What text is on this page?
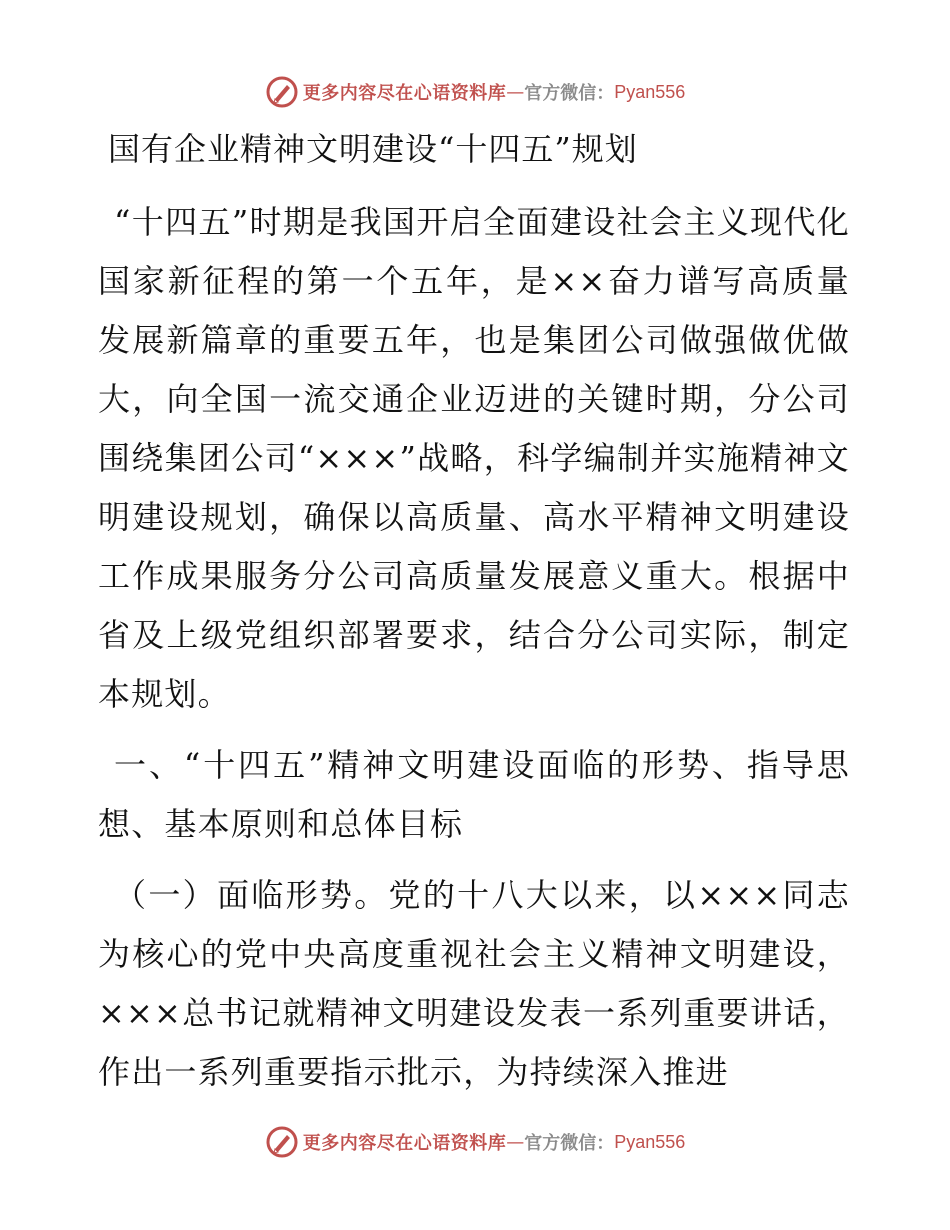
更多内容尽在心语资料库 — 官方微信： Pyan556
国有企业精神文明建设“十四五”规划

“十四五”时期是我国开启全面建设社会主义现代化国家新征程的第一个五年，是××奋力谱写高质量发展新篇章的重要五年，也是集团公司做强做优做大，向全国一流交通企业迈进的关键时期，分公司围绕集团公司“×××”战略，科学编制并实施精神文明建设规划，确保以高质量、高水平精神文明建设工作成果服务分公司高质量发展意义重大。根据中省及上级党组织部署要求，结合分公司实际，制定本规划。

一、“十四五”精神文明建设面临的形势、指导思想、基本原则和总体目标

（一）面临形势。党的十八大以来，以×××同志为核心的党中央高度重视社会主义精神文明建设，×××总书记就精神文明建设发表一系列重要讲话，作出一系列重要指示批示，为持续深入推进

更多内容尽在心语资料库 — 官方微信： Pyan556
